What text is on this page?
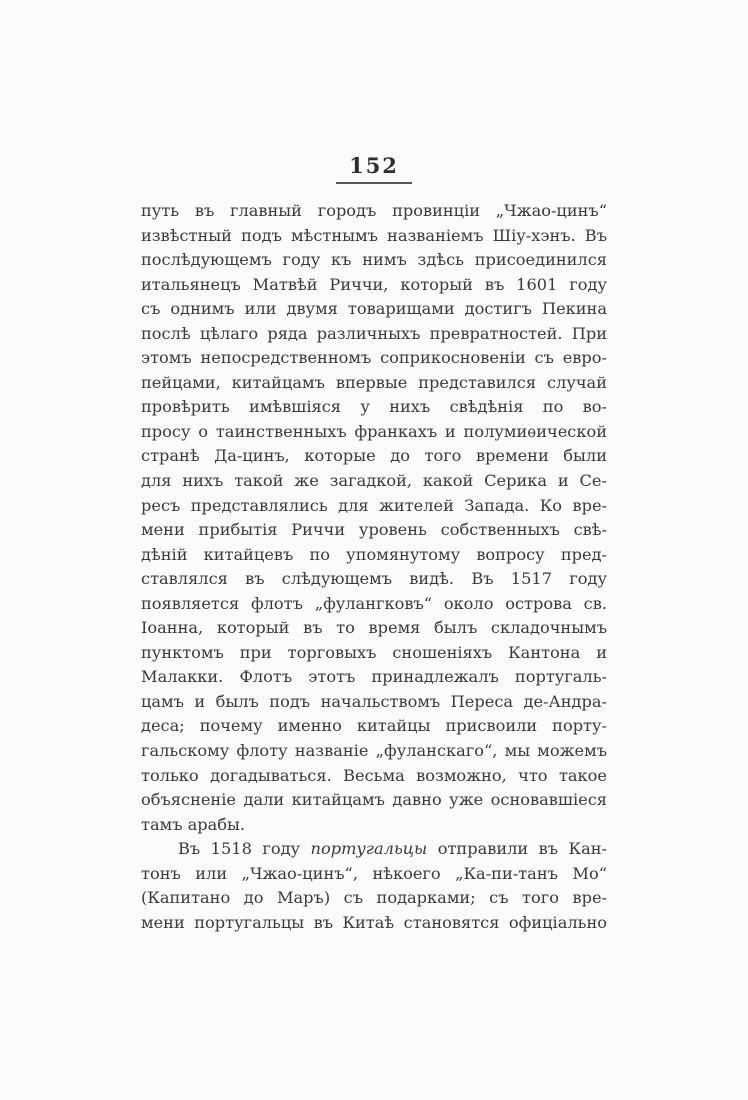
152
путь въ главный городъ провинціи „Чжао-цинъ“
извѣстный подъ мѣстнымъ названіемъ Шіу-хэнъ. Въ
послѣдующемъ году къ нимъ здѣсь присоединился
итальянецъ Матвѣй Риччи, который въ 1601 году
съ однимъ или двумя товарищами достигъ Пекина
послѣ цѣлаго ряда различныхъ превратностей. При
этомъ непосредственномъ соприкосновеніи съ евро-
пейцами, китайцамъ впервые представился случай
провѣрить имѣвшіяся у нихъ свѣдѣнія по во-
просу о таинственныхъ франкахъ и полумиѳической
странѣ Да-цинъ, которые до того времени были
для нихъ такой же загадкой, какой Серика и Се-
ресъ представлялись для жителей Запада. Ко вре-
мени прибытія Риччи уровень собственныхъ свѣ-
дѣній китайцевъ по упомянутому вопросу пред-
ставлялся въ слѣдующемъ видѣ. Въ 1517 году
появляется флотъ „фулангковъ“ около острова св.
Іоанна, который въ то время былъ складочнымъ
пунктомъ при торговыхъ сношеніяхъ Кантона и
Малакки. Флотъ этотъ принадлежалъ португаль-
цамъ и былъ подъ начальствомъ Переса де-Андра-
деса; почему именно китайцы присвоили порту-
гальскому флоту названіе „фуланскаго“, мы можемъ
только догадываться. Весьма возможно, что такое
объясненіе дали китайцамъ давно уже основавшіеся
тамъ арабы.
Въ 1518 году португальцы отправили въ Кан-
тонъ или „Чжао-цинъ“, нѣкоего „Ка-пи-танъ Мо“
(Капитано до Маръ) съ подарками; съ того вре-
мени португальцы въ Китаѣ становятся офиціально
